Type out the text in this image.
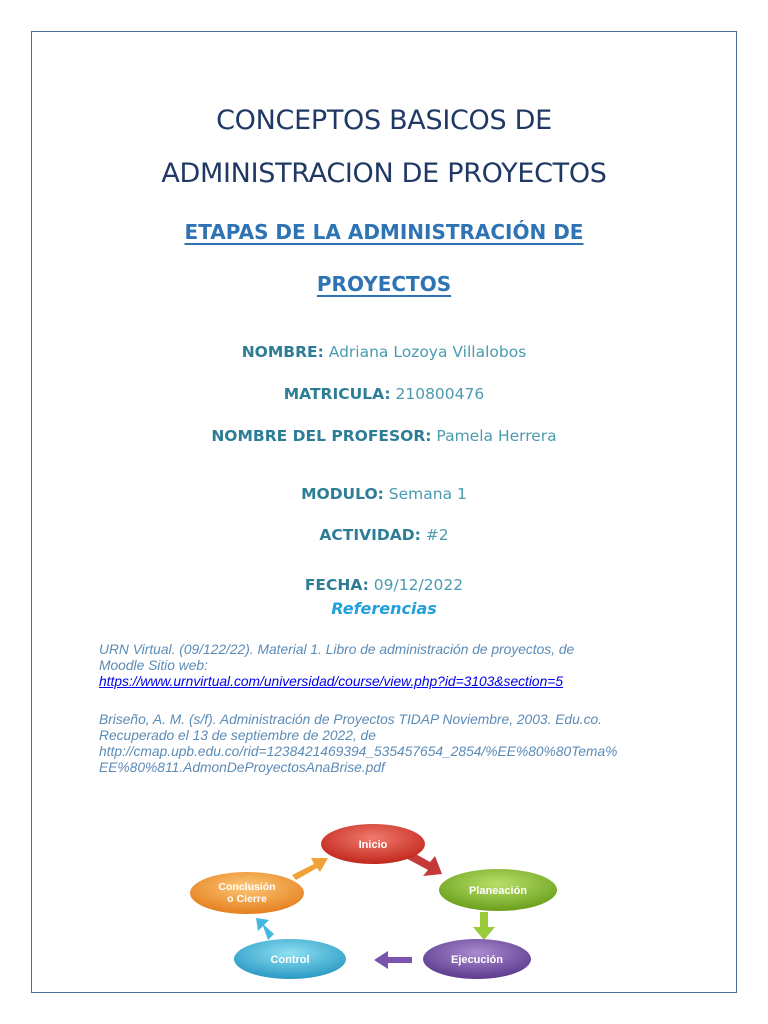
CONCEPTOS BASICOS DE
ADMINISTRACION DE PROYECTOS
ETAPAS DE LA ADMINISTRACIÓN DE
PROYECTOS
NOMBRE: Adriana Lozoya Villalobos
MATRICULA: 210800476
NOMBRE DEL PROFESOR: Pamela Herrera
MODULO: Semana 1
ACTIVIDAD: #2
FECHA: 09/12/2022
Referencias
URN Virtual. (09/122/22). Material 1. Libro de administración de proyectos, de
Moodle Sitio web:
https://www.urnvirtual.com/universidad/course/view.php?id=3103&section=5
Briseño, A. M. (s/f). Administración de Proyectos TIDAP Noviembre, 2003. Edu.co.
Recuperado el 13 de septiembre de 2022, de
http://cmap.upb.edu.co/rid=1238421469394_535457654_2854/%EE%80%80Tema%
EE%80%811.AdmonDeProyectosAnaBrise.pdf
Inicio
Planeación
Ejecución
Control
Conclusión
o Cierre
